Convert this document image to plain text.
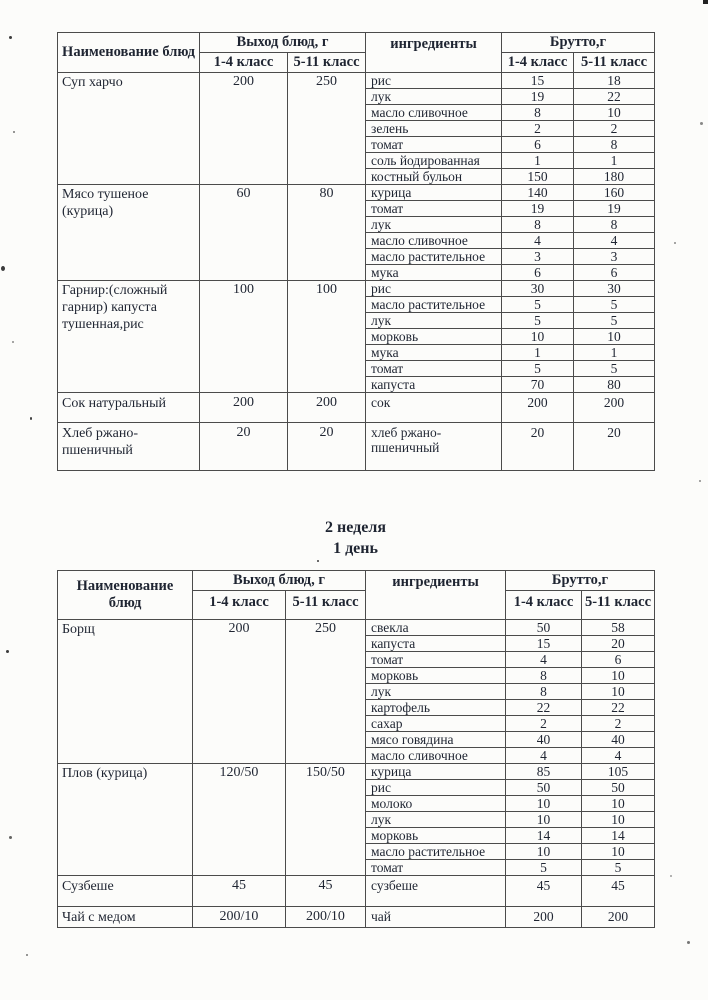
Наименование блюд	Выход блюд, г		ингредиенты	Брутто,г	
	1-4 класс	5-11 класс		1-4 класс	5-11 класс
Суп харчо	200	250	рис	15	18
			лук	19	22
			масло сливочное	8	10
			зелень	2	2
			томат	6	8
			соль йодированная	1	1
			костный бульон	150	180
Мясо тушеное (курица)	60	80	курица	140	160
			томат	19	19
			лук	8	8
			масло сливочное	4	4
			масло растительное	3	3
			мука	6	6
Гарнир:(сложный гарнир) капуста тушенная,рис	100	100	рис	30	30
			масло растительное	5	5
			лук	5	5
			морковь	10	10
			мука	1	1
			томат	5	5
			капуста	70	80
Сок натуральный	200	200	сок	200	200
Хлеб ржано-пшеничный	20	20	хлеб ржано-пшеничный	20	20
2 неделя
1 день
Наименование блюд	Выход блюд, г		ингредиенты	Брутто,г	
	1-4 класс	5-11 класс		1-4 класс	5-11 класс
Борщ	200	250	свекла	50	58
			капуста	15	20
			томат	4	6
			морковь	8	10
			лук	8	10
			картофель	22	22
			сахар	2	2
			мясо говядина	40	40
			масло сливочное	4	4
Плов (курица)	120/50	150/50	курица	85	105
			рис	50	50
			молоко	10	10
			лук	10	10
			морковь	14	14
			масло растительное	10	10
			томат	5	5
Сузбеше	45	45	сузбеше	45	45
Чай с медом	200/10	200/10	чай	200	200
